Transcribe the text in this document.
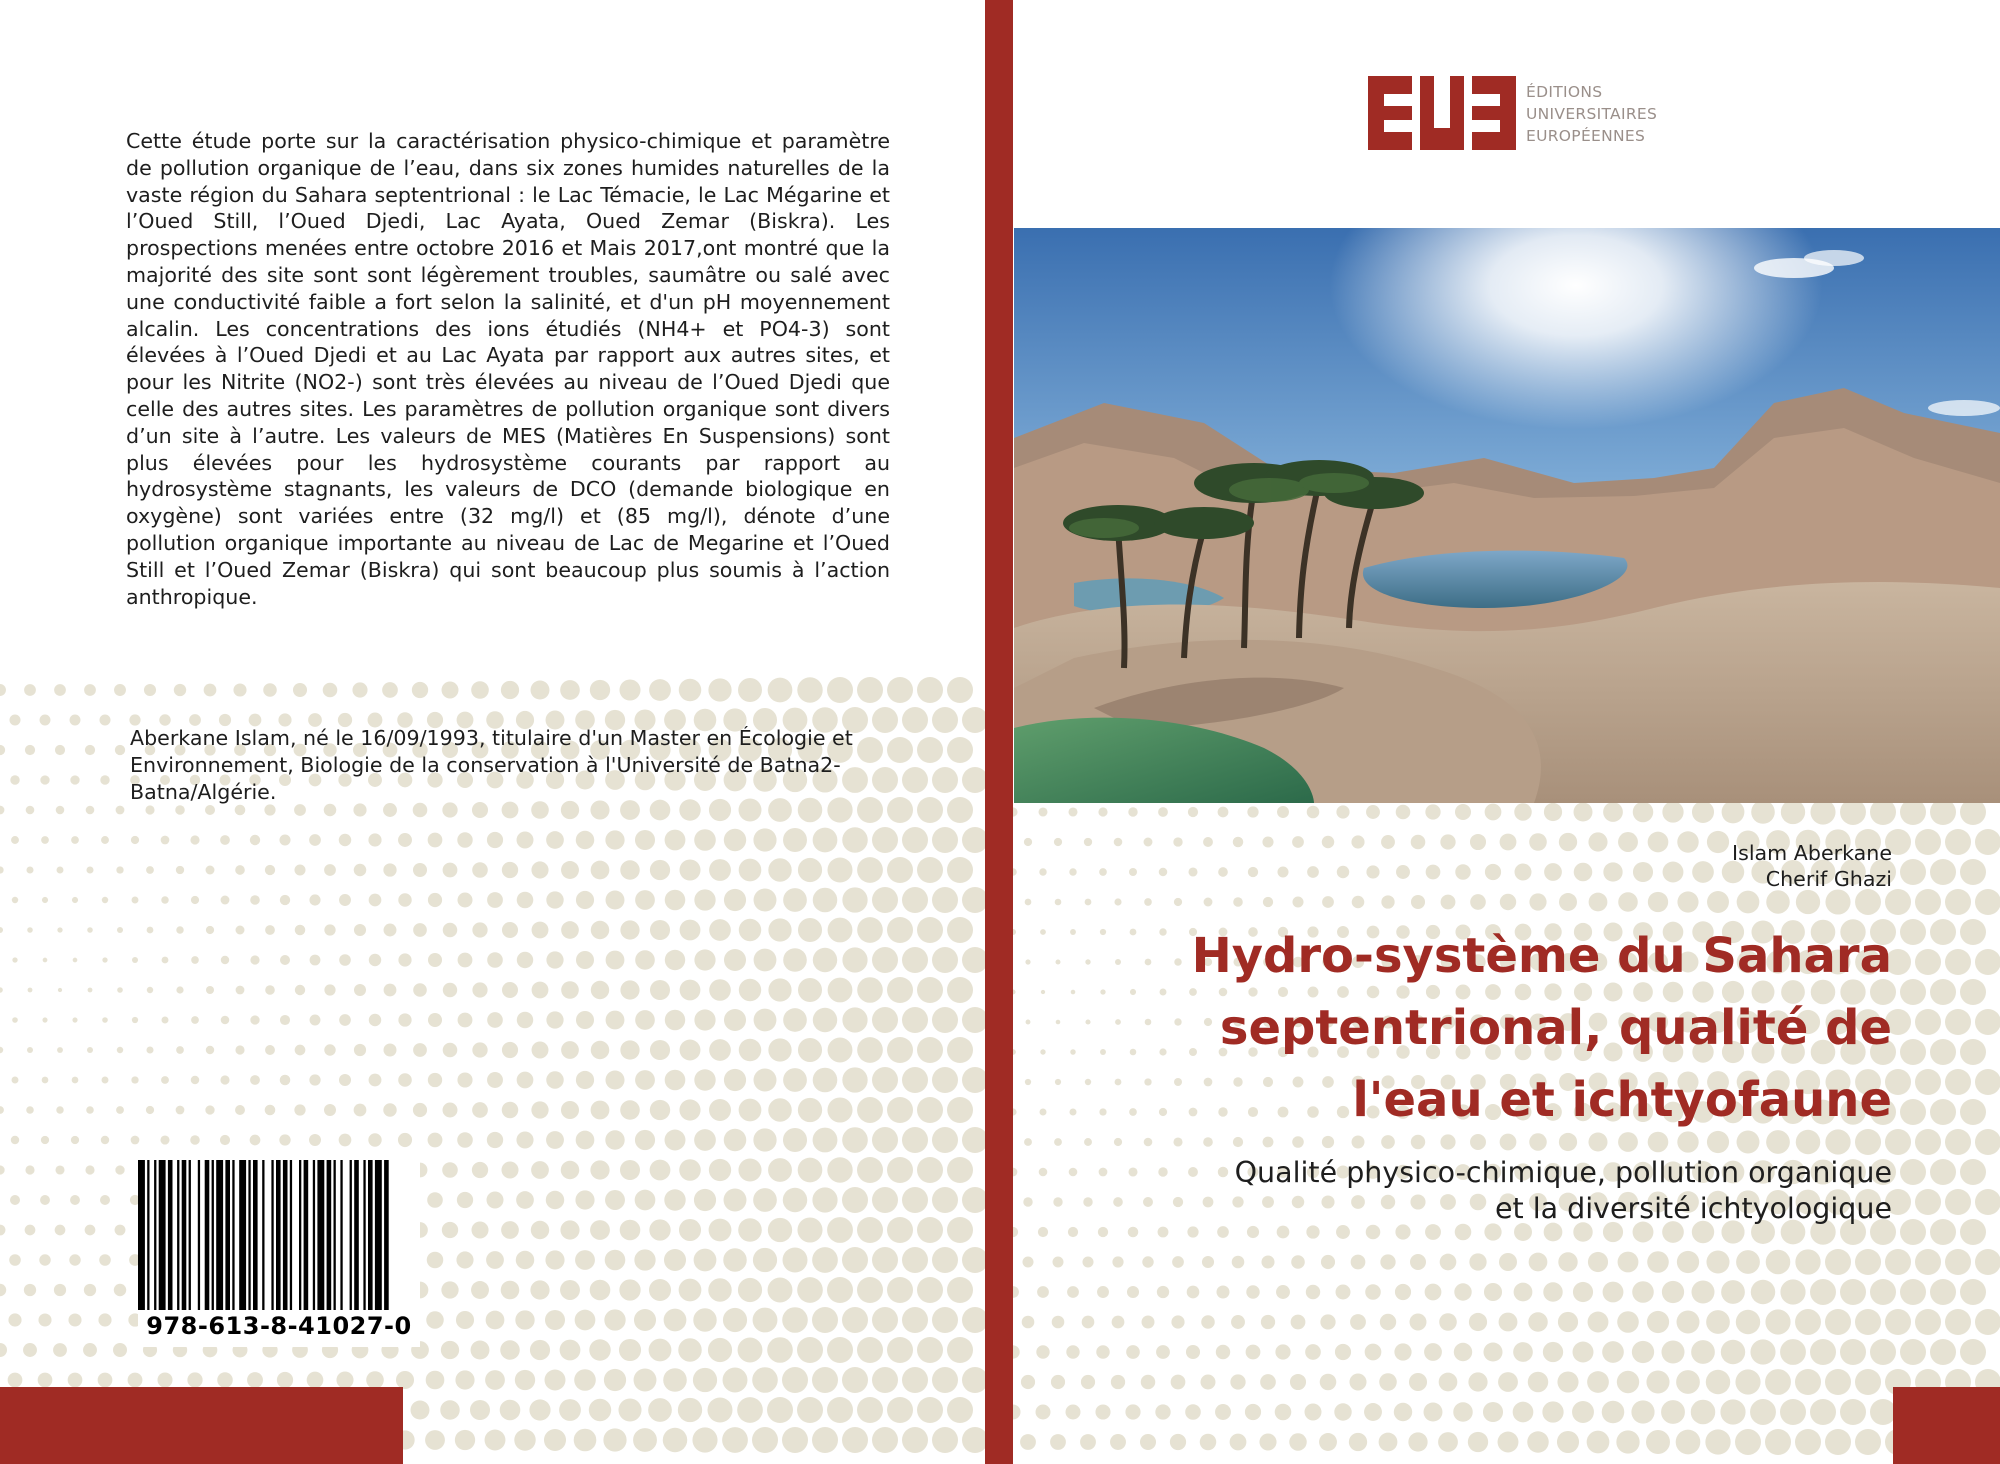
Cette étude porte sur la caractérisation physico-chimique et paramètre de pollution organique de l’eau, dans six zones humides naturelles de la vaste région du Sahara septentrional : le Lac Témacie, le Lac Mégarine et l’Oued Still, l’Oued Djedi, Lac Ayata, Oued Zemar (Biskra). Les prospections menées entre octobre 2016 et Mais 2017,ont montré que la majorité des site sont sont légèrement troubles, saumâtre ou salé avec une conductivité faible a fort selon la salinité, et d'un pH moyennement alcalin. Les concentrations des ions étudiés (NH4+ et PO4-3) sont élevées à l’Oued Djedi et au Lac Ayata par rapport aux autres sites, et pour les Nitrite (NO2-) sont très élevées au niveau de l’Oued Djedi que celle des autres sites. Les paramètres de pollution organique sont divers d’un site à l’autre. Les valeurs de MES (Matières En Suspensions) sont plus élevées pour les hydrosystème courants par rapport au hydrosystème stagnants, les valeurs de DCO (demande biologique en oxygène) sont variées entre (32 mg/l) et (85 mg/l), dénote d’une pollution organique importante au niveau de Lac de Megarine et l’Oued Still et l’Oued Zemar (Biskra) qui sont beaucoup plus soumis à l’action anthropique.

Aberkane Islam, né le 16/09/1993, titulaire d'un Master en Écologie et Environnement, Biologie de la conservation à l'Université de Batna2-Batna/Algérie.

978-613-8-41027-0
ÉDITIONS
UNIVERSITAIRES
EUROPÉENNES
Islam Aberkane
Cherif Ghazi
Hydro-système du Sahara
septentrional, qualité de
l'eau et ichtyofaune

Qualité physico-chimique, pollution organique
et la diversité ichtyologique
